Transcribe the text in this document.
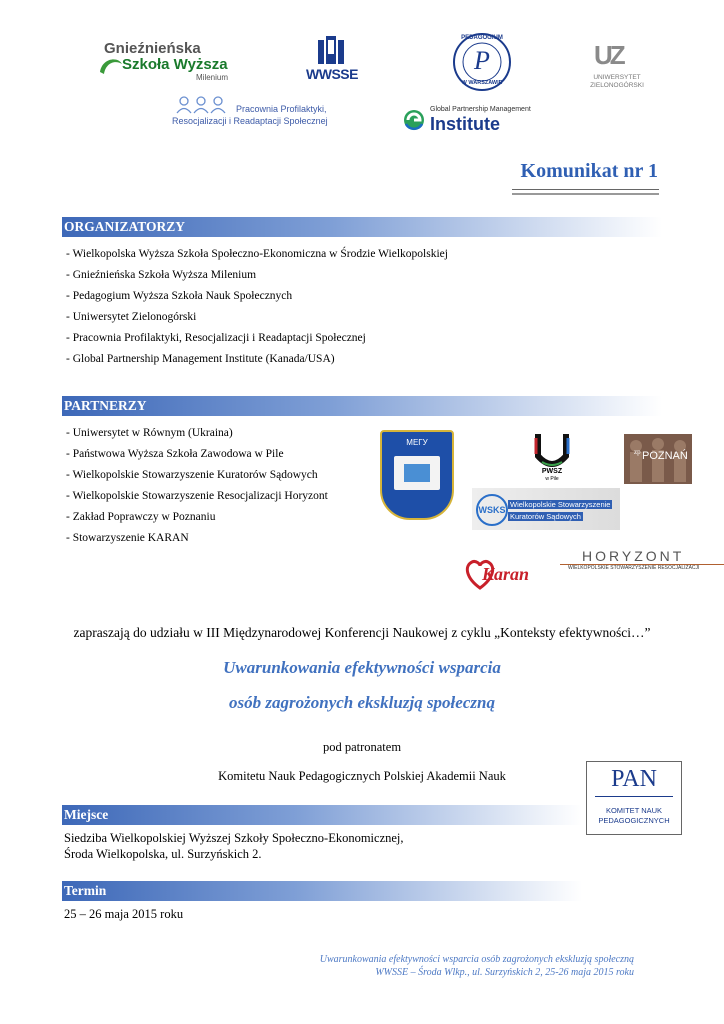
Gnieźnieńska
Szkoła Wyższa
Milenium	WWSSE	P
PEDAGOGIUM
W WARSZAWIE
UZ
UNIWERSYTET
ZIELONOGÓRSKI
Pracownia Profilaktyki,
Resocjalizacji i Readaptacji Społecznej
Global Partnership Management
Institute
Komunikat nr 1
ORGANIZATORZY
- Wielkopolska Wyższa Szkoła Społeczno-Ekonomiczna w Środzie Wielkopolskiej
- Gnieźnieńska Szkoła Wyższa Milenium
- Pedagogium Wyższa Szkoła Nauk Społecznych
- Uniwersytet Zielonogórski
- Pracownia Profilaktyki, Resocjalizacji i Readaptacji Społecznej
- Global Partnership Management Institute (Kanada/USA)
PARTNERZY
- Uniwersytet w Równym (Ukraina)
- Państwowa Wyższa Szkoła Zawodowa w Pile
- Wielkopolskie Stowarzyszenie Kuratorów Sądowych
- Wielkopolskie Stowarzyszenie Resocjalizacji Horyzont
- Zakład Poprawczy w Poznaniu
- Stowarzyszenie KARAN
МЕГУ
PWSZ
w Pile
zp POZNAŃ
WSKS
Wielkopolskie Stowarzyszenie
Kuratorów Sądowych
Karan
HORYZONT
WIELKOPOLSKIE STOWARZYSZENIE RESOCJALIZACJI
zapraszają do udziału w III Międzynarodowej Konferencji Naukowej z cyklu „Konteksty efektywności…”
Uwarunkowania efektywności wsparcia
osób zagrożonych ekskluzją społeczną
pod patronatem
Komitetu Nauk Pedagogicznych Polskiej Akademii Nauk	PAN
KOMITET NAUK
PEDAGOGICZNYCH
Miejsce
Siedziba Wielkopolskiej Wyższej Szkoły Społeczno-Ekonomicznej,
Środa Wielkopolska, ul. Surzyńskich 2.
Termin
25 – 26 maja 2015 roku
Uwarunkowania efektywności wsparcia osób zagrożonych ekskluzją społeczną
WWSSE – Środa Wlkp., ul. Surzyńskich 2, 25-26 maja 2015 roku
